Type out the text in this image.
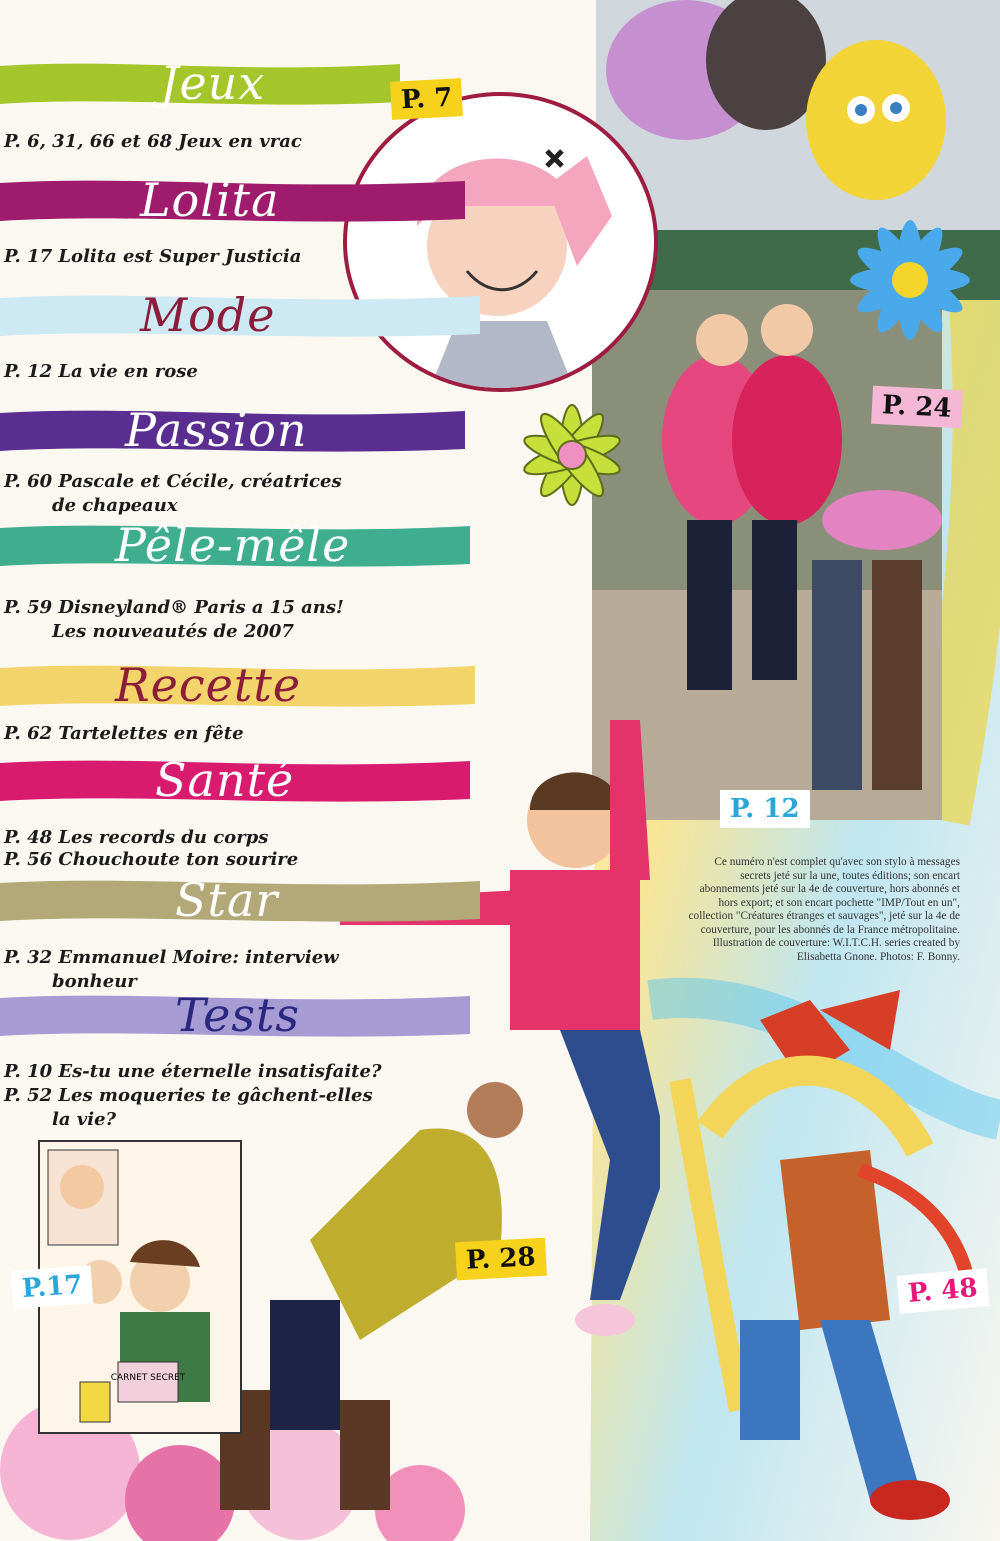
CARNET SECRET
Jeux
P. 6, 31, 66 et 68 Jeux en vrac
Lolita
P. 17 Lolita est Super Justicia
Mode
P. 12 La vie en rose
Passion
P. 60 Pascale et Cécile, créatrices
de chapeaux
Pêle-mêle
P. 59 Disneyland® Paris a 15 ans!
Les nouveautés de 2007
Recette
P. 62 Tartelettes en fête
Santé
P. 48 Les records du corps
P. 56 Chouchoute ton sourire
Star
P. 32 Emmanuel Moire: interview
bonheur
Tests
P. 10 Es-tu une éternelle insatisfaite?
P. 52 Les moqueries te gâchent-elles
la vie?
P. 7
P. 24
P. 12
P.17
P. 28
P. 48
Ce numéro n'est complet qu'avec son stylo à messages secrets jeté sur la une, toutes éditions; son encart abonnements jeté sur la 4e de couverture, hors abonnés et hors export; et son encart pochette "IMP/Tout en un", collection "Créatures étranges et sauvages", jeté sur la 4e de couverture, pour les abonnés de la France métropolitaine. Illustration de couverture: W.I.T.C.H. series created by Elisabetta Gnone. Photos: F. Bonny.
